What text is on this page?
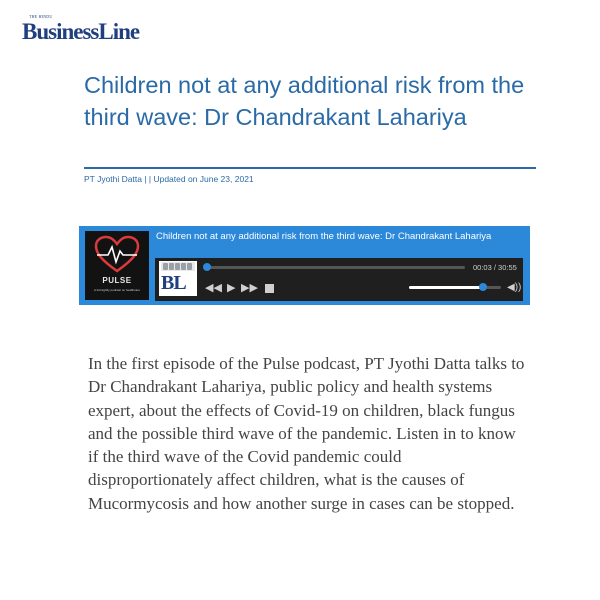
THE HINDU
BusinessLine
Children not at any additional risk from the third wave: Dr Chandrakant Lahariya
PT Jyothi Datta | | Updated on June 23, 2021
PULSE
A fortnightly podcast on healthcare
Children not at any additional risk from the third wave: Dr Chandrakant Lahariya
BL
00:03 / 30:55
◀◀ ▶ ▶▶	◀))

In the first episode of the Pulse podcast, PT Jyothi Datta talks to Dr Chandrakant Lahariya, public policy and health systems expert, about the effects of Covid-19 on children, black fungus and the possible third wave of the pandemic. Listen in to know if the third wave of the Covid pandemic could disproportionately affect children, what is the causes of Mucormycosis and how another surge in cases can be stopped.
